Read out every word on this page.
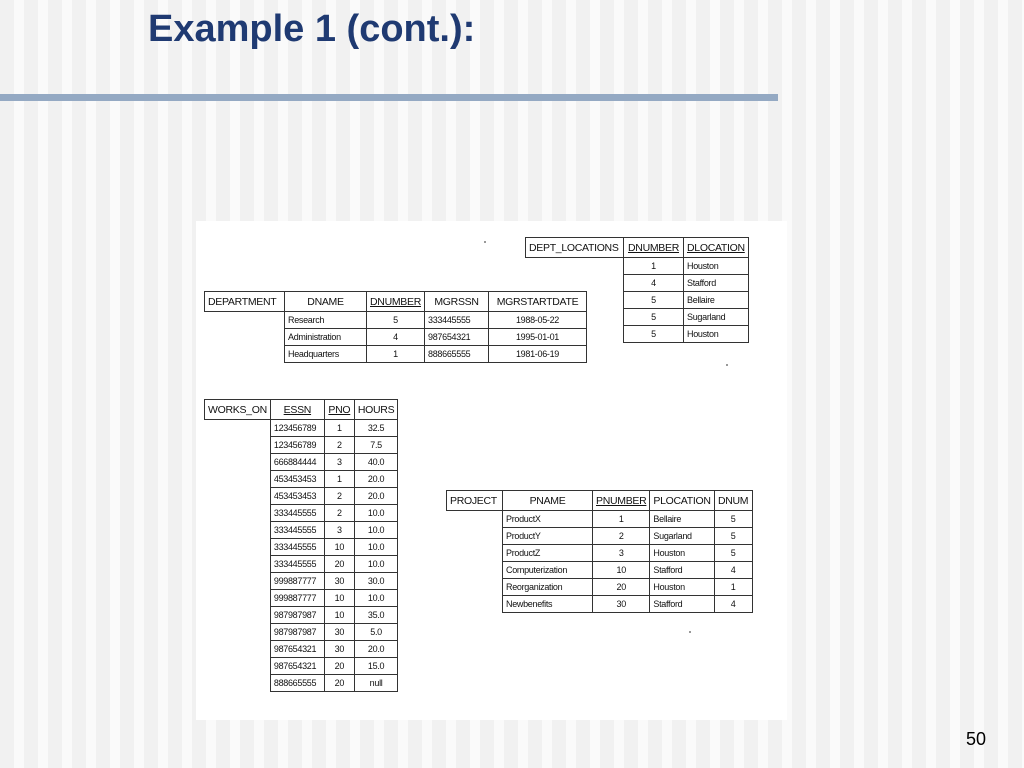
Example 1 (cont.):
DEPT_LOCATIONS	DNUMBER	DLOCATION
	1	Houston
	4	Stafford
	5	Bellaire
	5	Sugarland
	5	Houston
DEPARTMENT	DNAME	DNUMBER	MGRSSN	MGRSTARTDATE
	Research	5	333445555	1988-05-22
	Administration	4	987654321	1995-01-01
	Headquarters	1	888665555	1981-06-19
WORKS_ON	ESSN	PNO	HOURS
	123456789	1	32.5
	123456789	2	7.5
	666884444	3	40.0
	453453453	1	20.0
	453453453	2	20.0
	333445555	2	10.0
	333445555	3	10.0
	333445555	10	10.0
	333445555	20	10.0
	999887777	30	30.0
	999887777	10	10.0
	987987987	10	35.0
	987987987	30	5.0
	987654321	30	20.0
	987654321	20	15.0
	888665555	20	null
PROJECT	PNAME	PNUMBER	PLOCATION	DNUM
	ProductX	1	Bellaire	5
	ProductY	2	Sugarland	5
	ProductZ	3	Houston	5
	Computerization	10	Stafford	4
	Reorganization	20	Houston	1
	Newbenefits	30	Stafford	4
50
